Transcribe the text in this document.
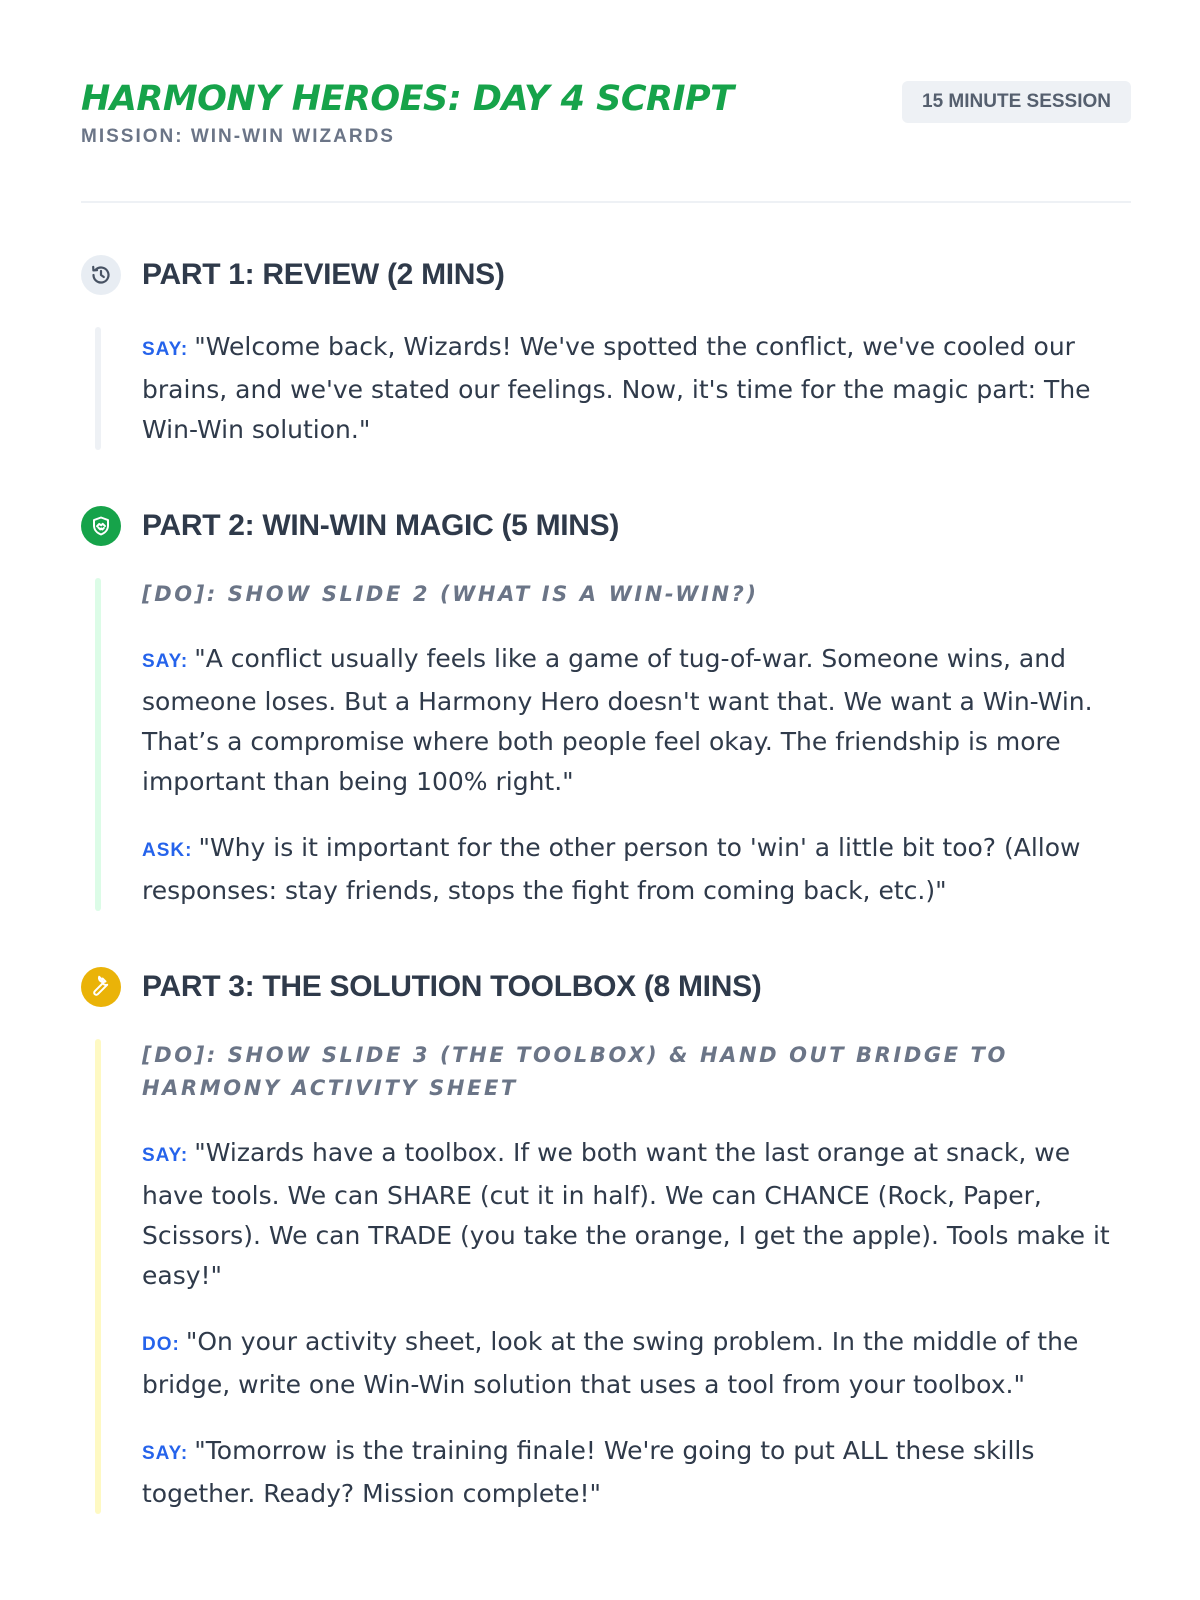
HARMONY HEROES: DAY 4 SCRIPT
MISSION: WIN-WIN WIZARDS
15 MINUTE SESSION
PART 1: REVIEW (2 MINS)

SAY: "Welcome back, Wizards! We've spotted the conflict, we've cooled our brains, and we've stated our feelings. Now, it's time for the magic part: The Win-Win solution."

PART 2: WIN-WIN MAGIC (5 MINS)

[DO]: SHOW SLIDE 2 (WHAT IS A WIN-WIN?)

SAY: "A conflict usually feels like a game of tug-of-war. Someone wins, and someone loses. But a Harmony Hero doesn't want that. We want a Win-Win. That’s a compromise where both people feel okay. The friendship is more important than being 100% right."

ASK: "Why is it important for the other person to 'win' a little bit too? (Allow responses: stay friends, stops the fight from coming back, etc.)"

PART 3: THE SOLUTION TOOLBOX (8 MINS)

[DO]: SHOW SLIDE 3 (THE TOOLBOX) & HAND OUT BRIDGE TO HARMONY ACTIVITY SHEET

SAY: "Wizards have a toolbox. If we both want the last orange at snack, we have tools. We can SHARE (cut it in half). We can CHANCE (Rock, Paper, Scissors). We can TRADE (you take the orange, I get the apple). Tools make it easy!"

DO: "On your activity sheet, look at the swing problem. In the middle of the bridge, write one Win-Win solution that uses a tool from your toolbox."

SAY: "Tomorrow is the training finale! We're going to put ALL these skills together. Ready? Mission complete!"
